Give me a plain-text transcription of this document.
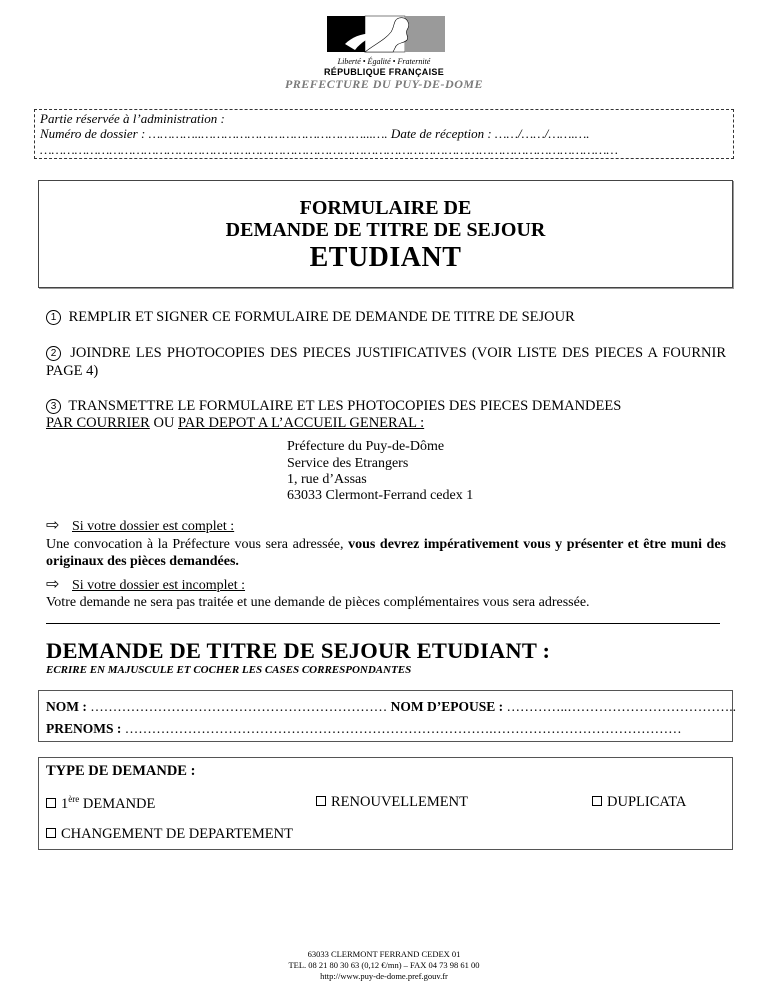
Liberté • Égalité • Fraternité
RÉPUBLIQUE FRANÇAISE
PREFECTURE DU PUY-DE-DOME
Partie réservée à l’administration :
Numéro de dossier : …………..……………………………………...…. Date de réception : ……/……/…….….
……………………………………………………………………………………………………………………………………
FORMULAIRE DE
DEMANDE DE TITRE DE SEJOUR
ETUDIANT
1 REMPLIR ET SIGNER CE FORMULAIRE DE DEMANDE DE TITRE DE SEJOUR
2 JOINDRE LES PHOTOCOPIES DES PIECES JUSTIFICATIVES (VOIR LISTE DES PIECES A FOURNIR PAGE 4)
3 TRANSMETTRE LE FORMULAIRE ET LES PHOTOCOPIES DES PIECES DEMANDEES
PAR COURRIER OU PAR DEPOT A L’ACCUEIL GENERAL :
Préfecture du Puy-de-Dôme
Service des Etrangers
1, rue d’Assas
63033 Clermont-Ferrand cedex 1
⇨ Si votre dossier est complet :
Une convocation à la Préfecture vous sera adressée, vous devrez impérativement vous y présenter et être muni des originaux des pièces demandées.
⇨ Si votre dossier est incomplet :
Votre demande ne sera pas traitée et une demande de pièces complémentaires vous sera adressée.
DEMANDE DE TITRE DE SEJOUR ETUDIANT :
ECRIRE EN MAJUSCULE ET COCHER LES CASES CORRESPONDANTES
NOM : ………………………………………………………… NOM D’EPOUSE : …………..………………………………..
PRENOMS : ……………………………………………………………………….……………………………………
TYPE DE DEMANDE :
1ère DEMANDE	RENOUVELLEMENT	DUPLICATA
CHANGEMENT DE DEPARTEMENT
63033 CLERMONT FERRAND CEDEX 01
TEL. 08 21 80 30 63 (0,12 €/mn) – FAX 04 73 98 61 00
http://www.puy-de-dome.pref.gouv.fr
